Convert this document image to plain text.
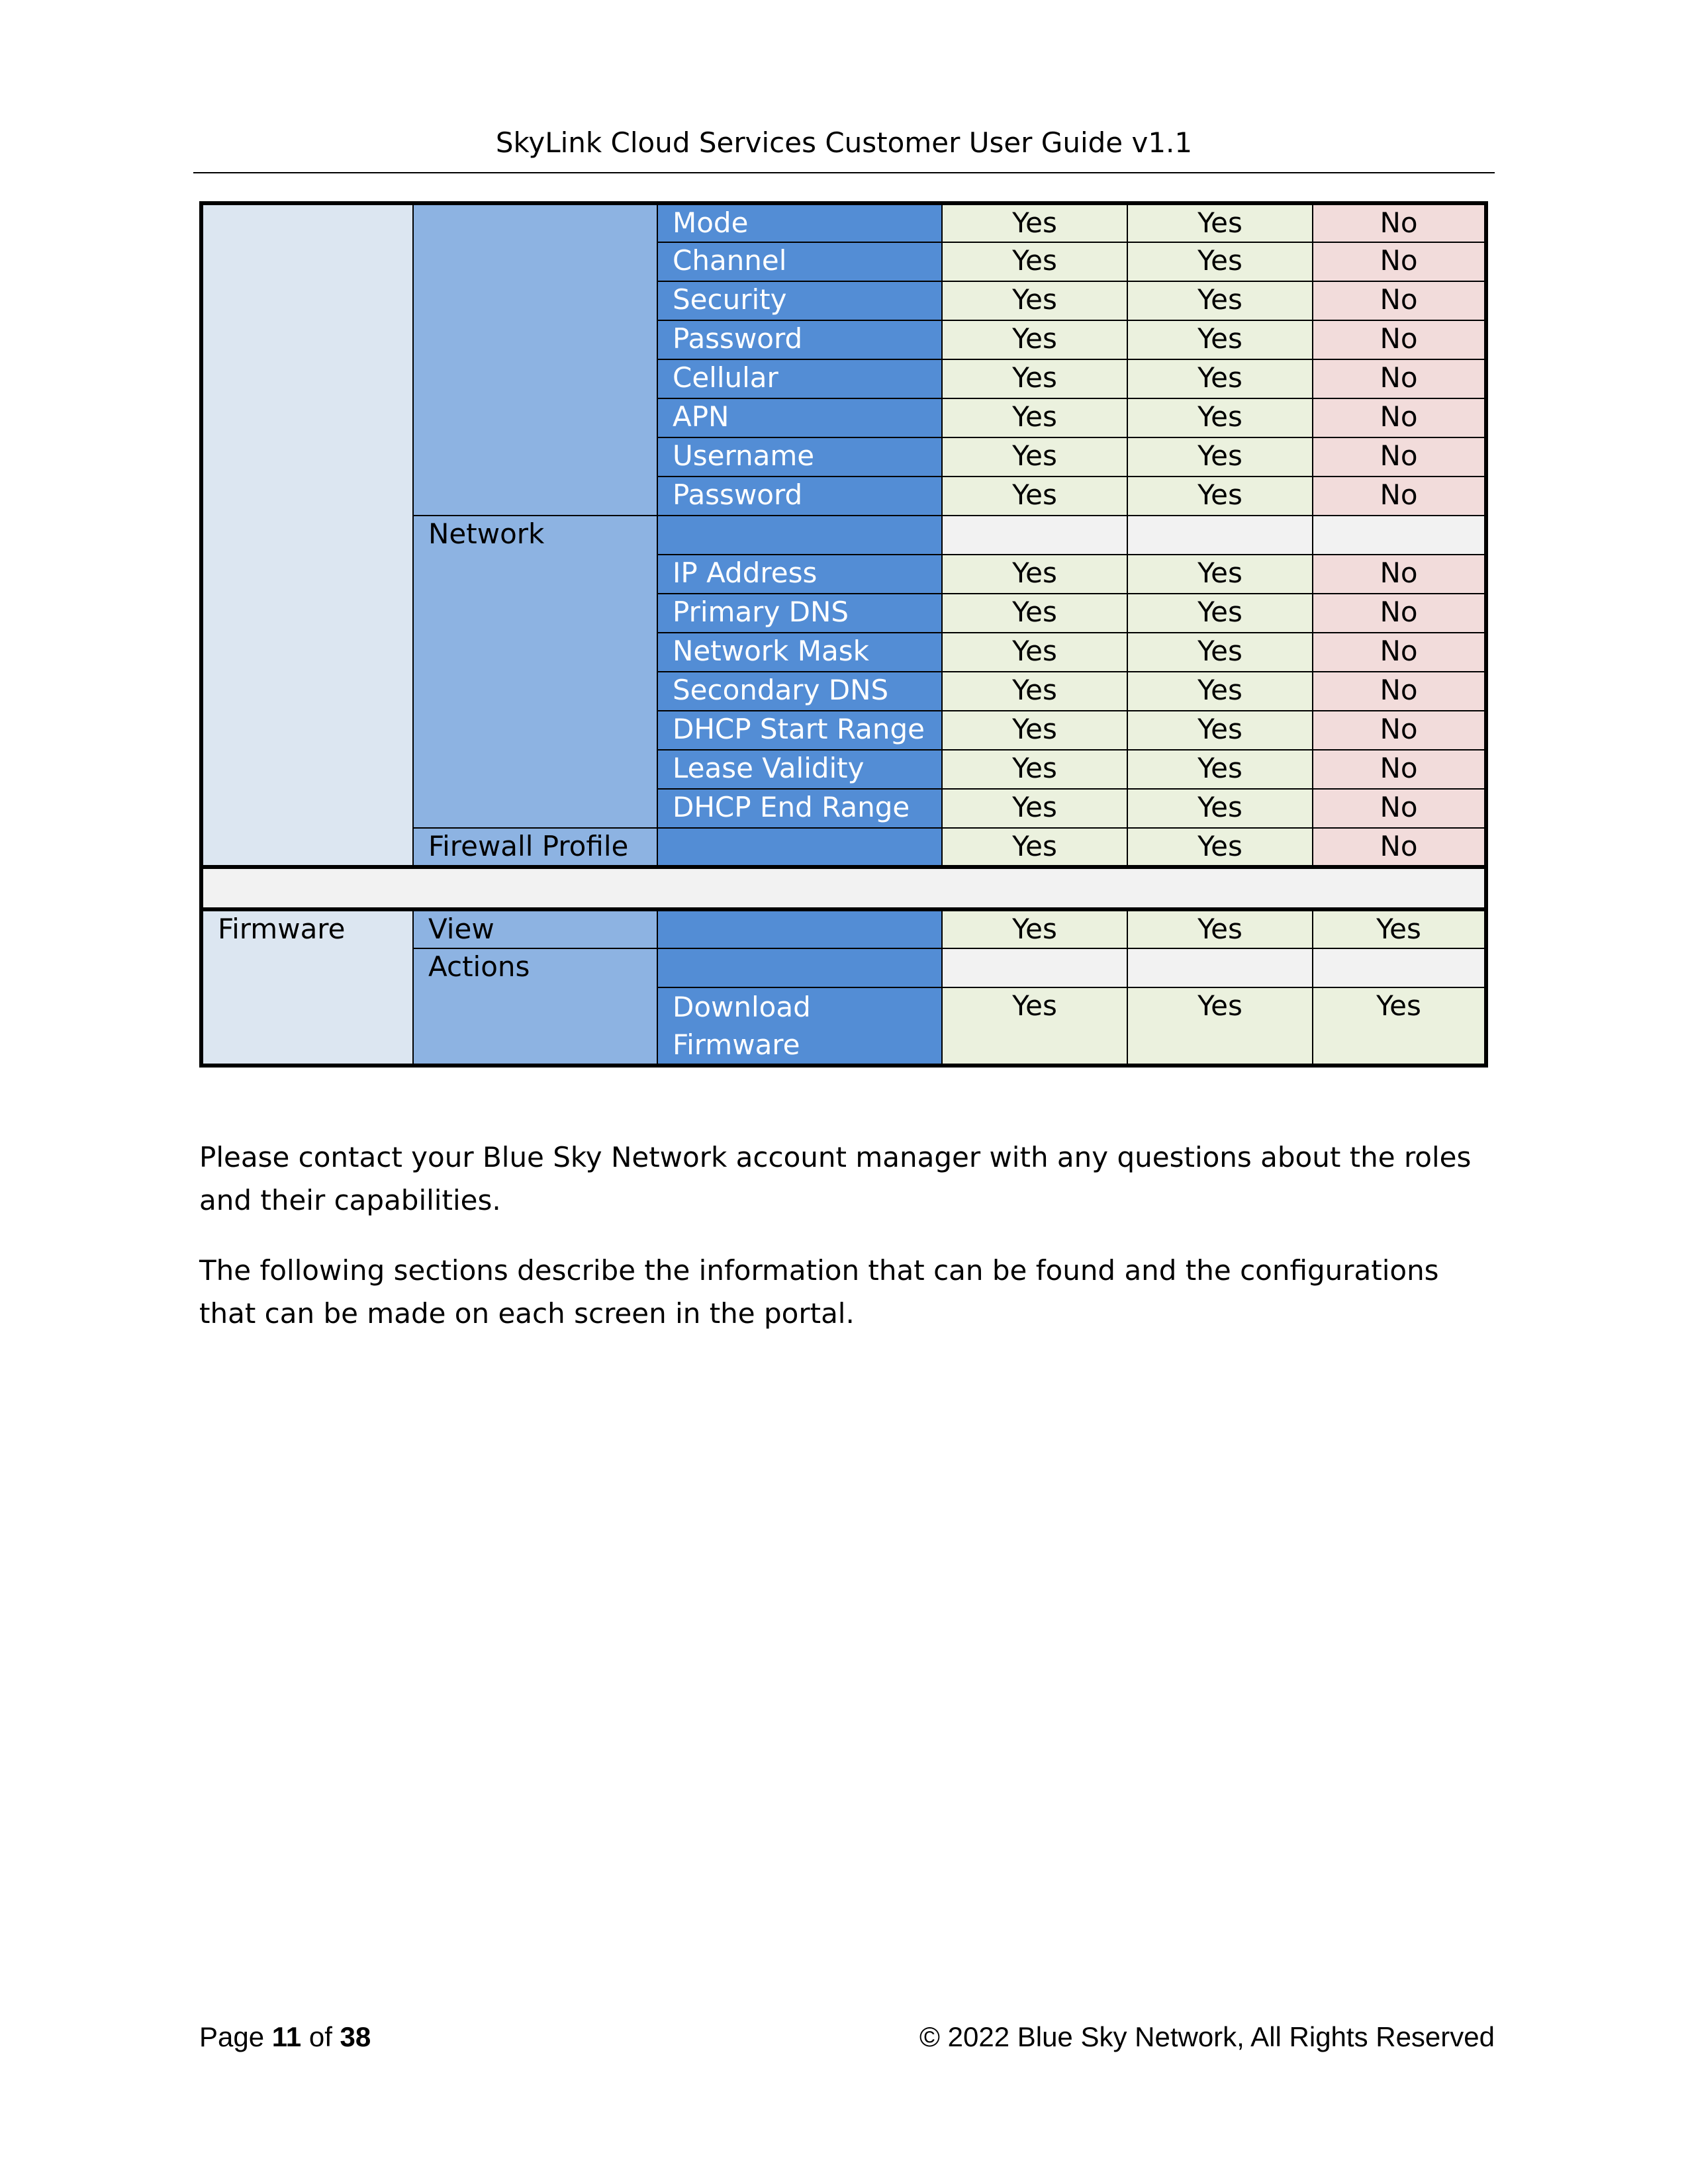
SkyLink Cloud Services Customer User Guide v1.1
		Mode	Yes	Yes	No
		Channel	Yes	Yes	No
		Security	Yes	Yes	No
		Password	Yes	Yes	No
		Cellular	Yes	Yes	No
		APN	Yes	Yes	No
		Username	Yes	Yes	No
		Password	Yes	Yes	No
	Network				
		IP Address	Yes	Yes	No
		Primary DNS	Yes	Yes	No
		Network Mask	Yes	Yes	No
		Secondary DNS	Yes	Yes	No
		DHCP Start Range	Yes	Yes	No
		Lease Validity	Yes	Yes	No
		DHCP End Range	Yes	Yes	No
	Firewall Profile		Yes	Yes	No

Firmware	View		Yes	Yes	Yes
	Actions				
		Download Firmware	Yes	Yes	Yes

Please contact your Blue Sky Network account manager with any questions about the roles and their capabilities.

The following sections describe the information that can be found and the configurations that can be made on each screen in the portal.

Page 11 of 38	© 2022 Blue Sky Network, All Rights Reserved
